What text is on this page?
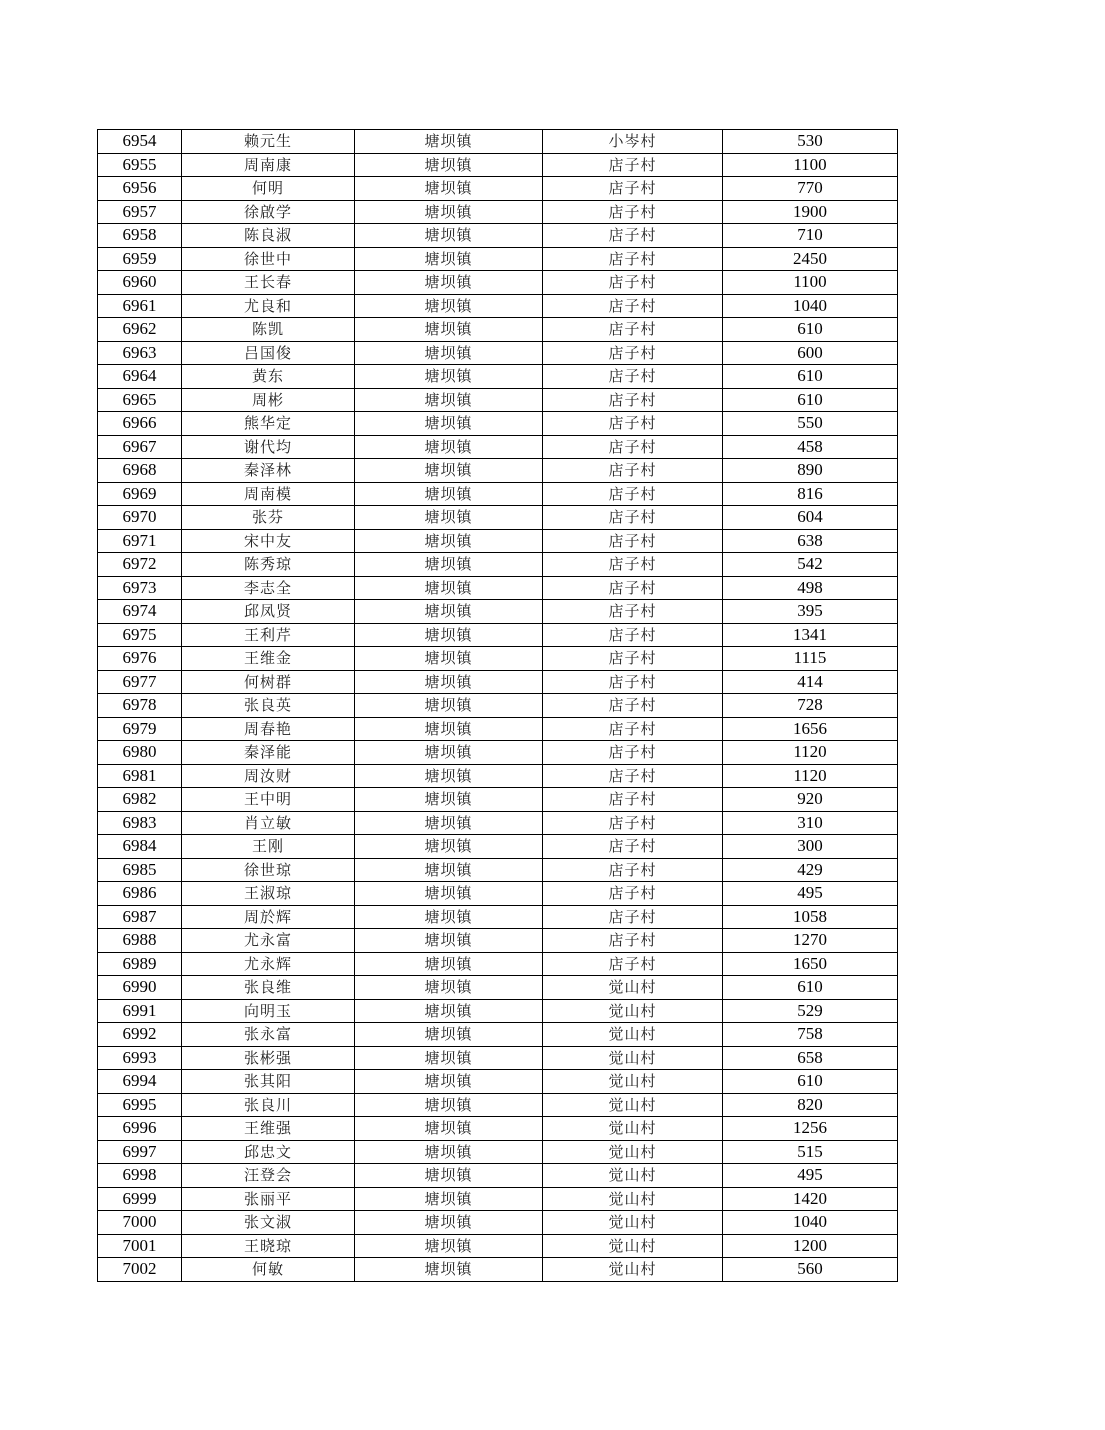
6954	赖元生	塘坝镇	小岑村	530
6955	周南康	塘坝镇	店子村	1100
6956	何明	塘坝镇	店子村	770
6957	徐啟学	塘坝镇	店子村	1900
6958	陈良淑	塘坝镇	店子村	710
6959	徐世中	塘坝镇	店子村	2450
6960	王长春	塘坝镇	店子村	1100
6961	尤良和	塘坝镇	店子村	1040
6962	陈凯	塘坝镇	店子村	610
6963	吕国俊	塘坝镇	店子村	600
6964	黄东	塘坝镇	店子村	610
6965	周彬	塘坝镇	店子村	610
6966	熊华定	塘坝镇	店子村	550
6967	谢代均	塘坝镇	店子村	458
6968	秦泽林	塘坝镇	店子村	890
6969	周南模	塘坝镇	店子村	816
6970	张芬	塘坝镇	店子村	604
6971	宋中友	塘坝镇	店子村	638
6972	陈秀琼	塘坝镇	店子村	542
6973	李志全	塘坝镇	店子村	498
6974	邱凤贤	塘坝镇	店子村	395
6975	王利芹	塘坝镇	店子村	1341
6976	王维金	塘坝镇	店子村	1115
6977	何树群	塘坝镇	店子村	414
6978	张良英	塘坝镇	店子村	728
6979	周春艳	塘坝镇	店子村	1656
6980	秦泽能	塘坝镇	店子村	1120
6981	周汝财	塘坝镇	店子村	1120
6982	王中明	塘坝镇	店子村	920
6983	肖立敏	塘坝镇	店子村	310
6984	王刚	塘坝镇	店子村	300
6985	徐世琼	塘坝镇	店子村	429
6986	王淑琼	塘坝镇	店子村	495
6987	周於辉	塘坝镇	店子村	1058
6988	尤永富	塘坝镇	店子村	1270
6989	尤永辉	塘坝镇	店子村	1650
6990	张良维	塘坝镇	觉山村	610
6991	向明玉	塘坝镇	觉山村	529
6992	张永富	塘坝镇	觉山村	758
6993	张彬强	塘坝镇	觉山村	658
6994	张其阳	塘坝镇	觉山村	610
6995	张良川	塘坝镇	觉山村	820
6996	王维强	塘坝镇	觉山村	1256
6997	邱忠文	塘坝镇	觉山村	515
6998	汪登会	塘坝镇	觉山村	495
6999	张丽平	塘坝镇	觉山村	1420
7000	张文淑	塘坝镇	觉山村	1040
7001	王晓琼	塘坝镇	觉山村	1200
7002	何敏	塘坝镇	觉山村	560
